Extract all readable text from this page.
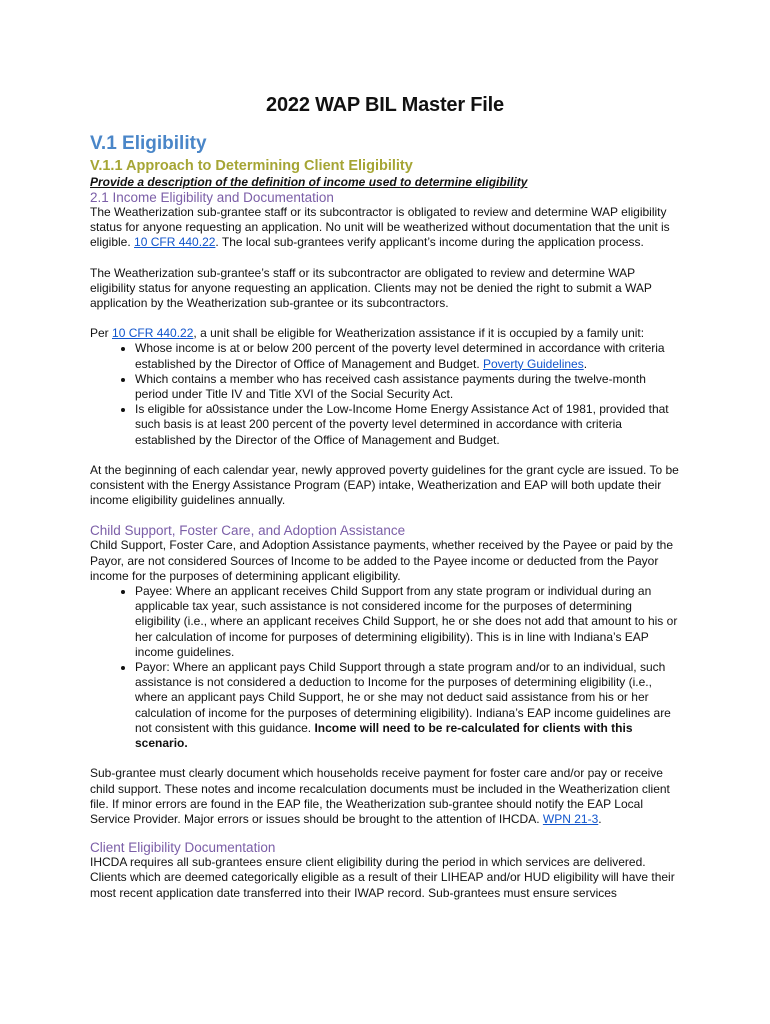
2022 WAP BIL Master File
V.1 Eligibility
V.1.1 Approach to Determining Client Eligibility
Provide a description of the definition of income used to determine eligibility
2.1 Income Eligibility and Documentation

The Weatherization sub-grantee staff or its subcontractor is obligated to review and determine WAP eligibility status for anyone requesting an application. No unit will be weatherized without documentation that the unit is eligible. 10 CFR 440.22. The local sub-grantees verify applicant’s income during the application process.

The Weatherization sub-grantee’s staff or its subcontractor are obligated to review and determine WAP eligibility status for anyone requesting an application. Clients may not be denied the right to submit a WAP application by the Weatherization sub-grantee or its subcontractors.

Per 10 CFR 440.22, a unit shall be eligible for Weatherization assistance if it is occupied by a family unit:

• Whose income is at or below 200 percent of the poverty level determined in accordance with criteria established by the Director of Office of Management and Budget. Poverty Guidelines.
• Which contains a member who has received cash assistance payments during the twelve-month period under Title IV and Title XVI of the Social Security Act.
• Is eligible for a0ssistance under the Low-Income Home Energy Assistance Act of 1981, provided that such basis is at least 200 percent of the poverty level determined in accordance with criteria established by the Director of the Office of Management and Budget.

At the beginning of each calendar year, newly approved poverty guidelines for the grant cycle are issued. To be consistent with the Energy Assistance Program (EAP) intake, Weatherization and EAP will both update their income eligibility guidelines annually.

Child Support, Foster Care, and Adoption Assistance

Child Support, Foster Care, and Adoption Assistance payments, whether received by the Payee or paid by the Payor, are not considered Sources of Income to be added to the Payee income or deducted from the Payor income for the purposes of determining applicant eligibility.

• Payee: Where an applicant receives Child Support from any state program or individual during an applicable tax year, such assistance is not considered income for the purposes of determining eligibility (i.e., where an applicant receives Child Support, he or she does not add that amount to his or her calculation of income for purposes of determining eligibility). This is in line with Indiana’s EAP income guidelines.
• Payor: Where an applicant pays Child Support through a state program and/or to an individual, such assistance is not considered a deduction to Income for the purposes of determining eligibility (i.e., where an applicant pays Child Support, he or she may not deduct said assistance from his or her calculation of income for the purposes of determining eligibility). Indiana’s EAP income guidelines are not consistent with this guidance. Income will need to be re-calculated for clients with this scenario.

Sub-grantee must clearly document which households receive payment for foster care and/or pay or receive child support. These notes and income recalculation documents must be included in the Weatherization client file. If minor errors are found in the EAP file, the Weatherization sub-grantee should notify the EAP Local Service Provider. Major errors or issues should be brought to the attention of IHCDA. WPN 21-3.

Client Eligibility Documentation

IHCDA requires all sub-grantees ensure client eligibility during the period in which services are delivered. Clients which are deemed categorically eligible as a result of their LIHEAP and/or HUD eligibility will have their most recent application date transferred into their IWAP record. Sub-grantees must ensure services
